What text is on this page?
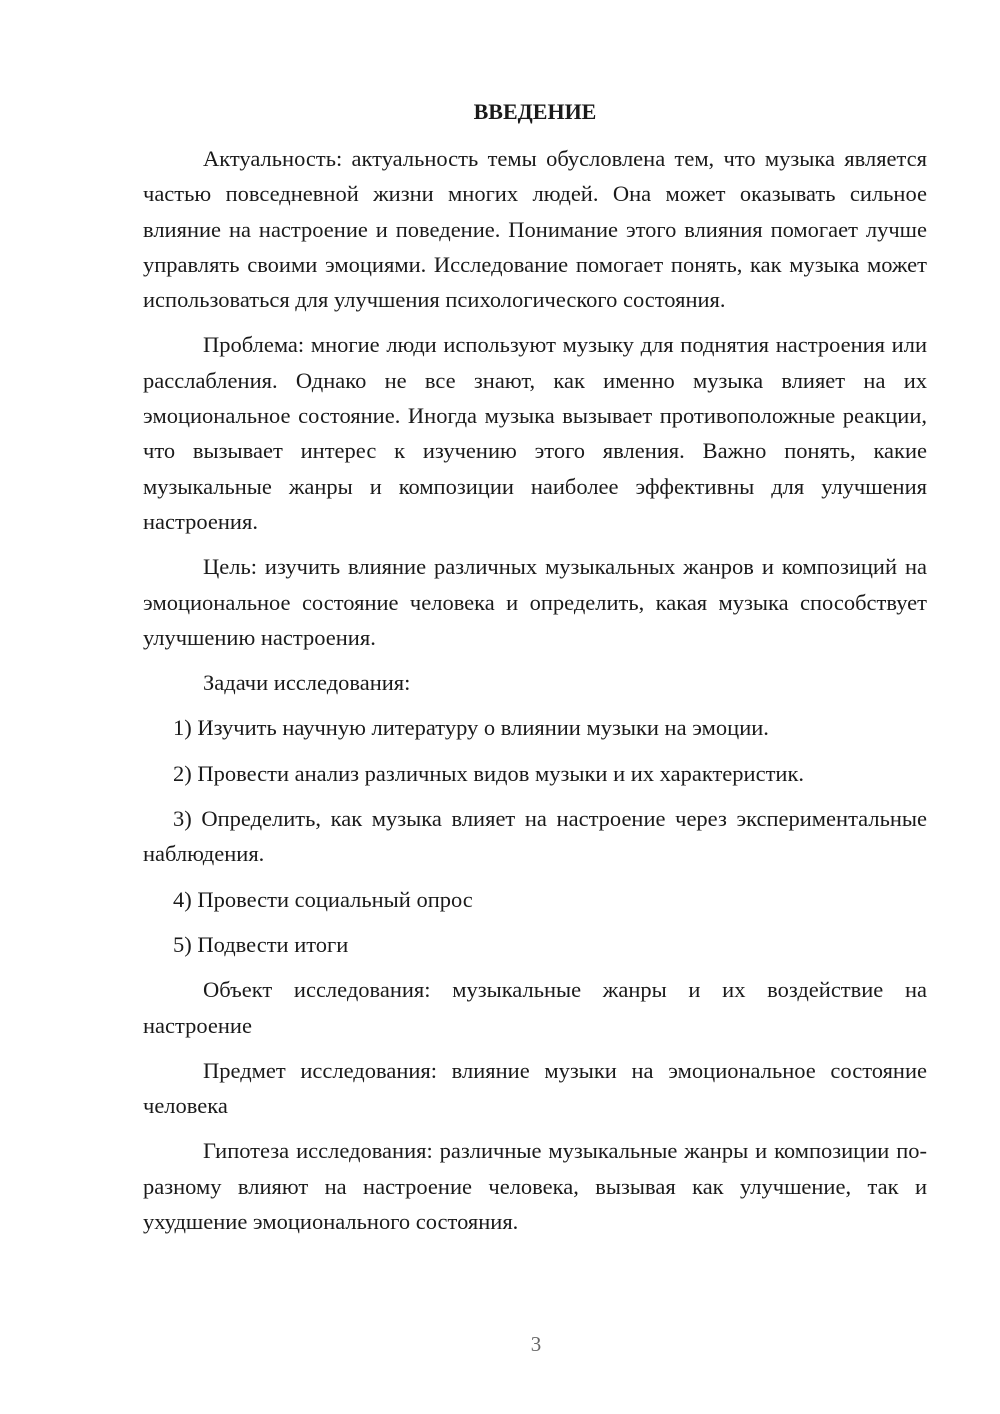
ВВЕДЕНИЕ

Актуальность: актуальность темы обусловлена тем, что музыка является частью повседневной жизни многих людей. Она может оказывать сильное влияние на настроение и поведение. Понимание этого влияния помогает лучше управлять своими эмоциями. Исследование помогает понять, как музыка может использоваться для улучшения психологического состояния.

Проблема: многие люди используют музыку для поднятия настроения или расслабления. Однако не все знают, как именно музыка влияет на их эмоциональное состояние. Иногда музыка вызывает противоположные реакции, что вызывает интерес к изучению этого явления. Важно понять, какие музыкальные жанры и композиции наиболее эффективны для улучшения настроения.

Цель: изучить влияние различных музыкальных жанров и композиций на эмоциональное состояние человека и определить, какая музыка способствует улучшению настроения.

Задачи исследования:

1) Изучить научную литературу о влиянии музыки на эмоции.

2) Провести анализ различных видов музыки и их характеристик.

3) Определить, как музыка влияет на настроение через экспериментальные наблюдения.

4) Провести социальный опрос

5) Подвести итоги

Объект исследования: музыкальные жанры и их воздействие на настроение

Предмет исследования: влияние музыки на эмоциональное состояние человека

Гипотеза исследования: различные музыкальные жанры и композиции по-разному влияют на настроение человека, вызывая как улучшение, так и ухудшение эмоционального состояния.

3
